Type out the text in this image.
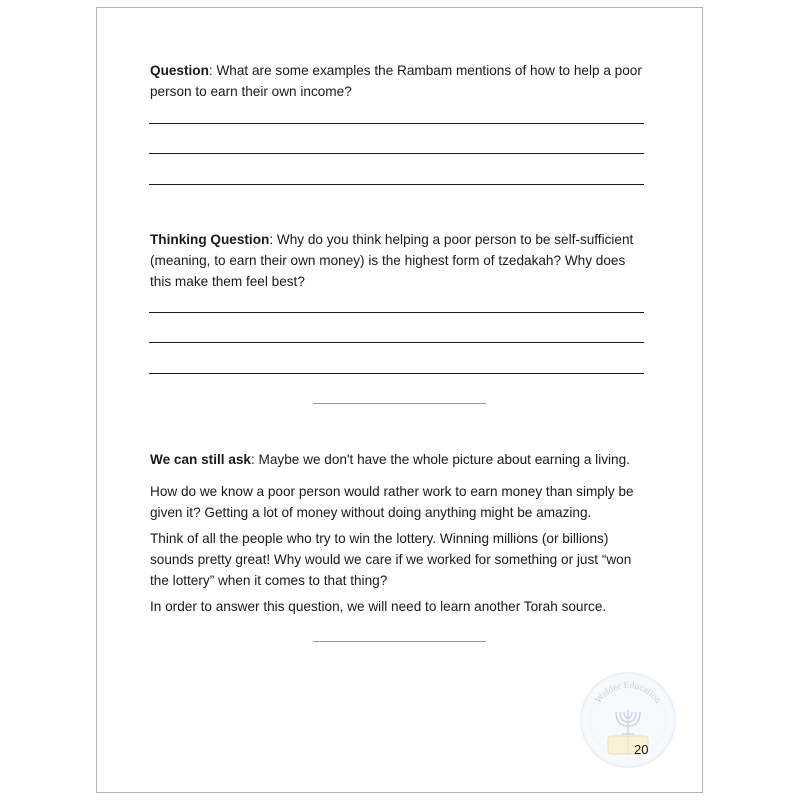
Question: What are some examples the Rambam mentions of how to help a poor person to earn their own income?

Thinking Question: Why do you think helping a poor person to be self-sufficient (meaning, to earn their own money) is the highest form of tzedakah? Why does this make them feel best?

We can still ask: Maybe we don't have the whole picture about earning a living.

How do we know a poor person would rather work to earn money than simply be given it? Getting a lot of money without doing anything might be amazing.

Think of all the people who try to win the lottery. Winning millions (or billions) sounds pretty great! Why would we care if we worked for something or just “won the lottery” when it comes to that thing?

In order to answer this question, we will need to learn another Torah source.

Walder Education
20
